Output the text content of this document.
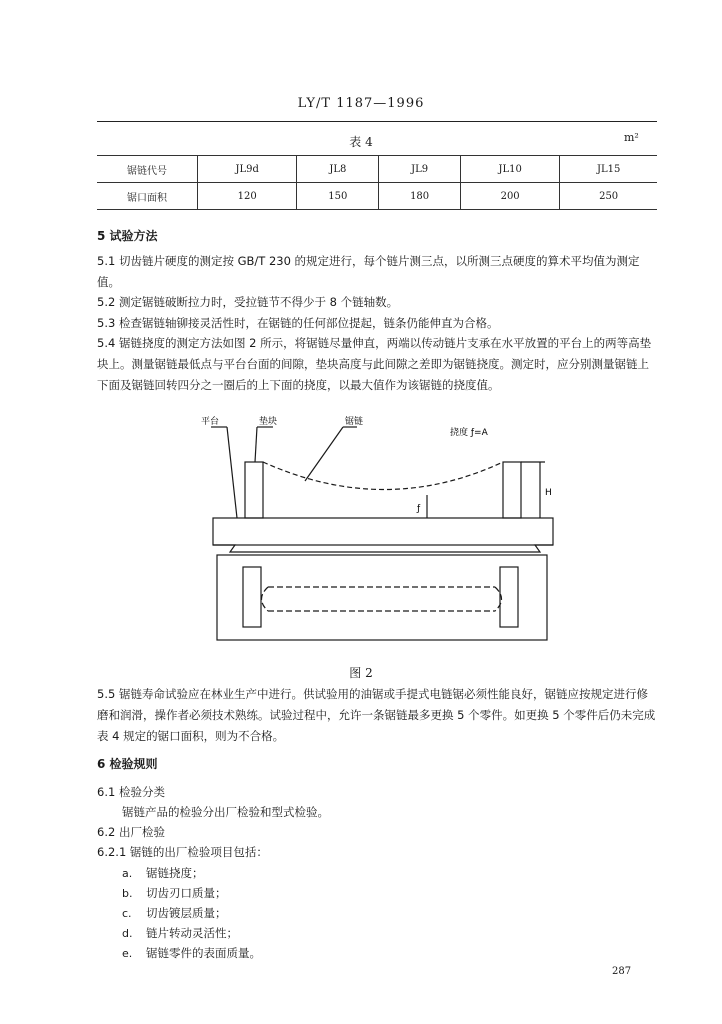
LY/T 1187—1996
表 4	m²
锯链代号	JL9d	JL8	JL9	JL10	JL15
锯口面积	120	150	180	200	250
5 试验方法
5.1 切齿链片硬度的测定按 GB/T 230 的规定进行，每个链片测三点，以所测三点硬度的算术平均值为测定值。
5.2 测定锯链破断拉力时，受拉链节不得少于 8 个链轴数。
5.3 检查锯链轴铆接灵活性时，在锯链的任何部位提起，链条仍能伸直为合格。
5.4 锯链挠度的测定方法如图 2 所示，将锯链尽量伸直，两端以传动链片支承在水平放置的平台上的两等高垫块上。测量锯链最低点与平台台面的间隙，垫块高度与此间隙之差即为锯链挠度。测定时，应分别测量锯链上下面及锯链回转四分之一圈后的上下面的挠度，以最大值作为该锯链的挠度值。
平台	垫块	锯链
挠度 ƒ=A
ƒ
H
图 2
5.5 锯链寿命试验应在林业生产中进行。供试验用的油锯或手提式电链锯必须性能良好，锯链应按规定进行修磨和润滑，操作者必须技术熟练。试验过程中，允许一条锯链最多更换 5 个零件。如更换 5 个零件后仍未完成表 4 规定的锯口面积，则为不合格。
6 检验规则
6.1 检验分类
锯链产品的检验分出厂检验和型式检验。
6.2 出厂检验
6.2.1 锯链的出厂检验项目包括：
a. 锯链挠度；
b. 切齿刃口质量；
c. 切齿镀层质量；
d. 链片转动灵活性；
e. 锯链零件的表面质量。
287
